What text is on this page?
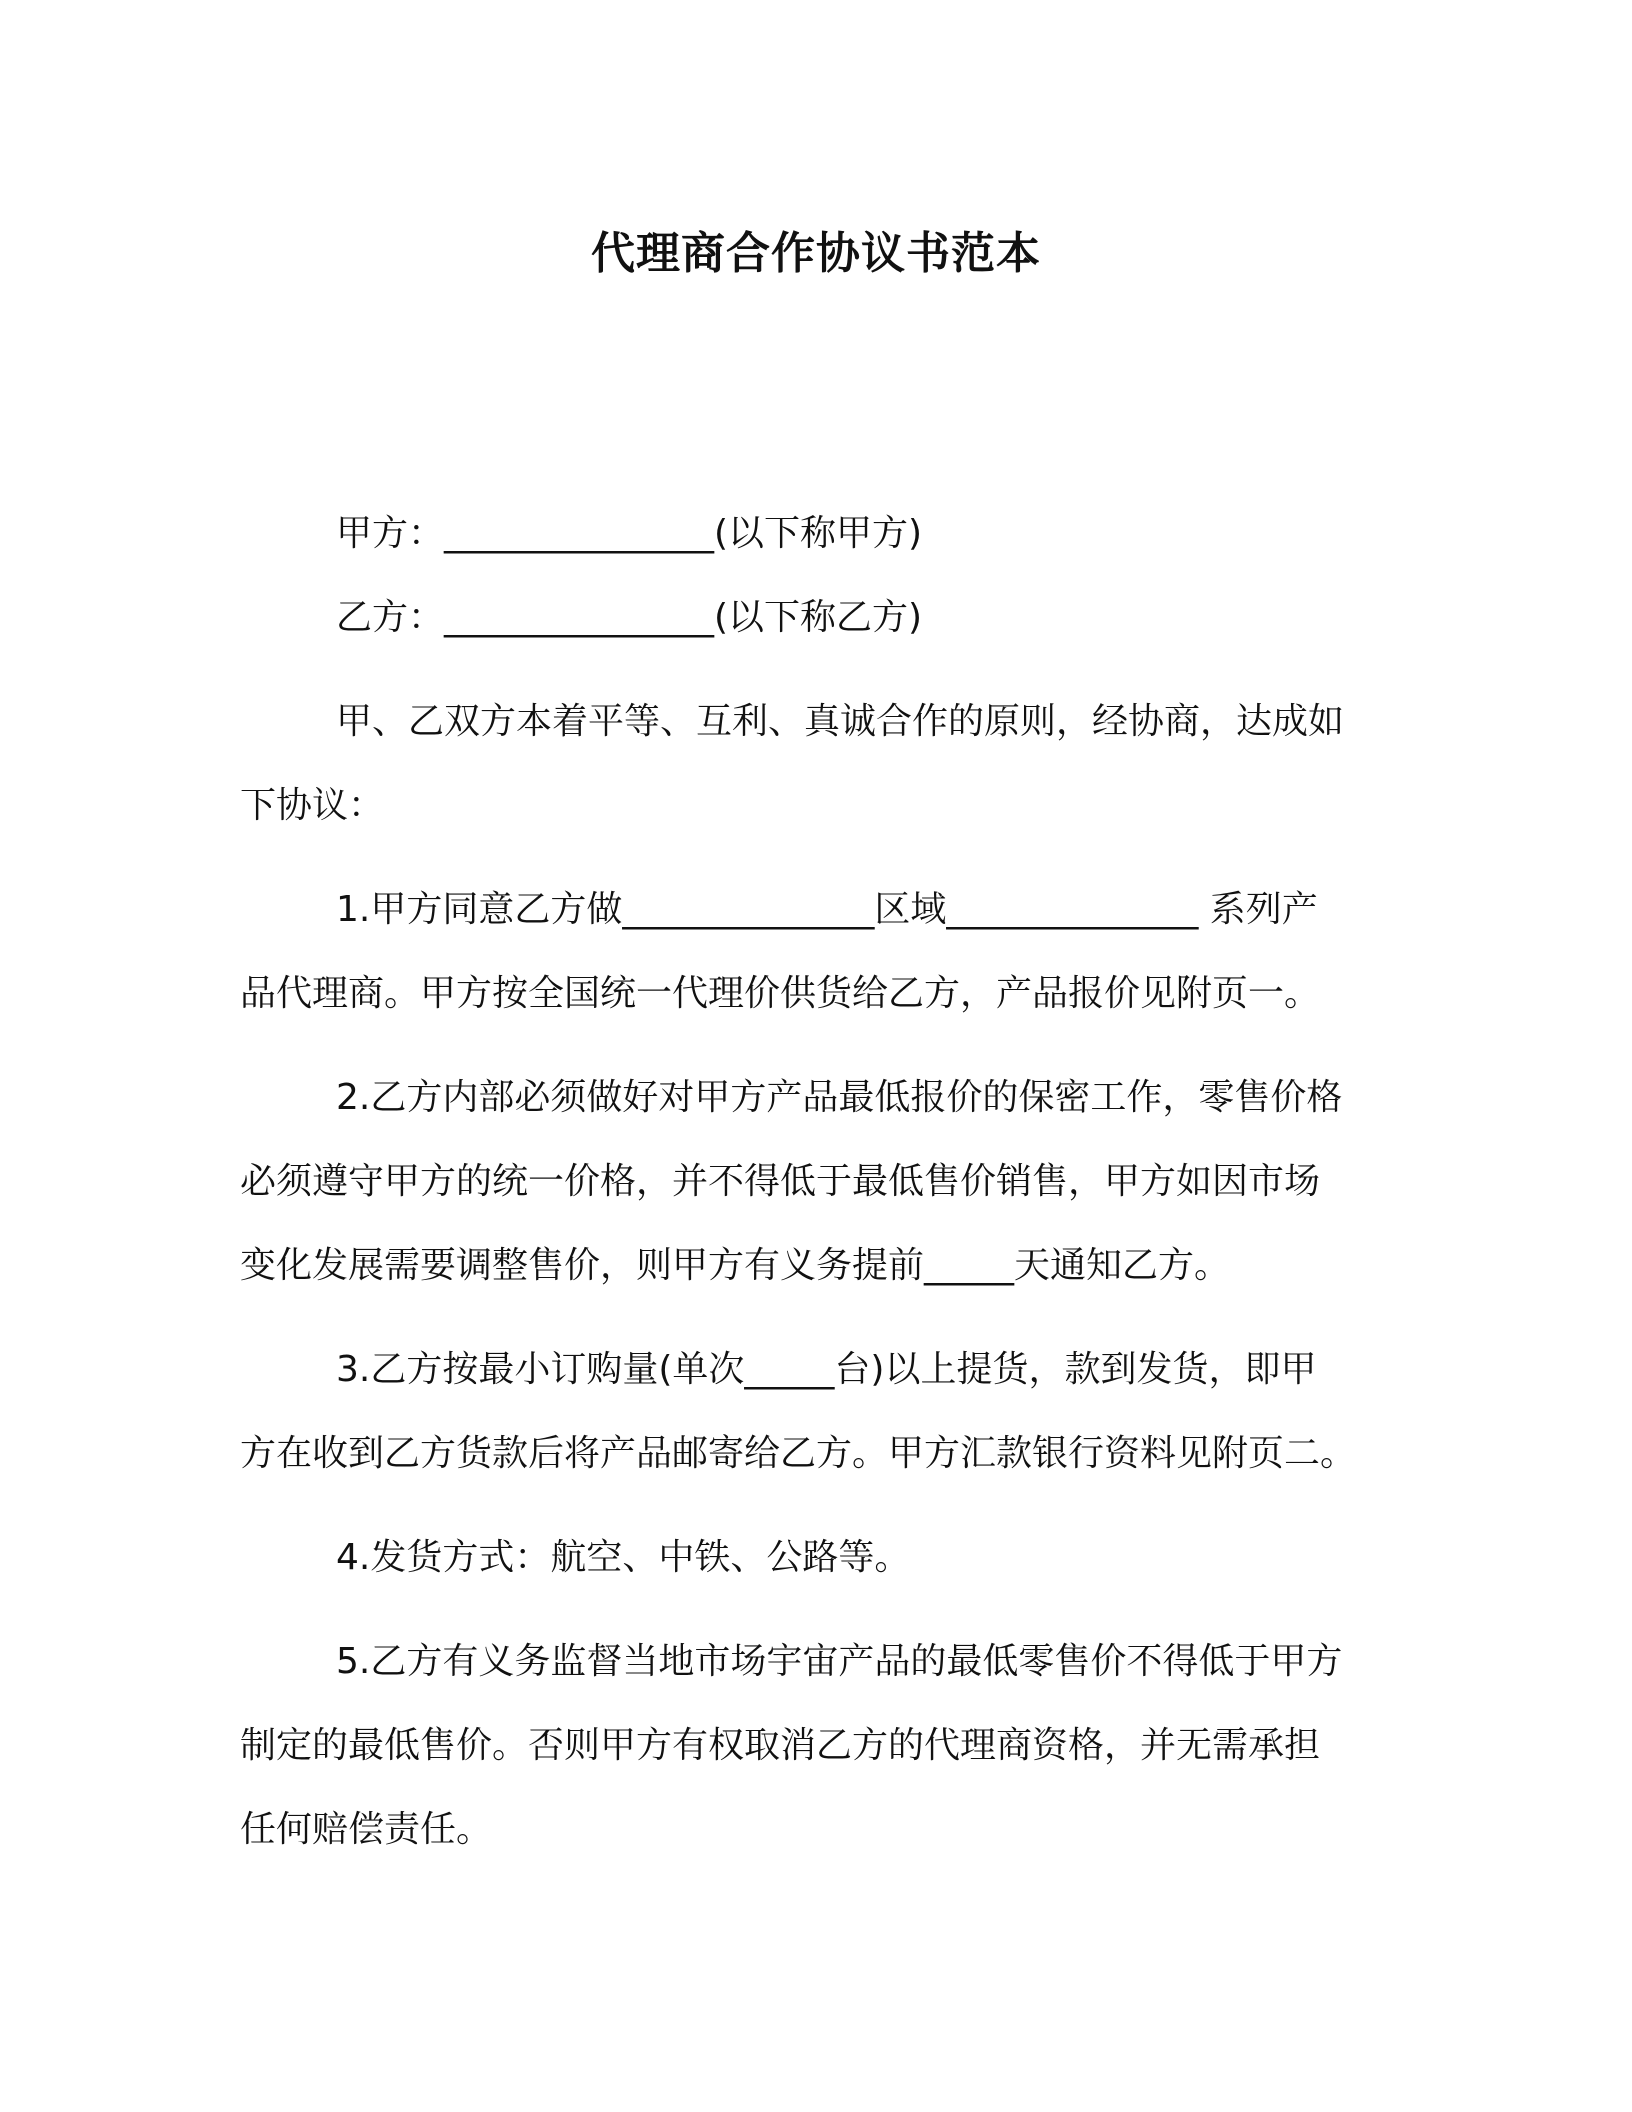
代理商合作协议书范本
甲方：_______________(以下称甲方)
乙方：_______________(以下称乙方)
甲、乙双方本着平等、互利、真诚合作的原则，经协商，达成如
下协议：
1.甲方同意乙方做______________区域______________ 系列产
品代理商。甲方按全国统一代理价供货给乙方，产品报价见附页一。
2.乙方内部必须做好对甲方产品最低报价的保密工作，零售价格
必须遵守甲方的统一价格，并不得低于最低售价销售，甲方如因市场
变化发展需要调整售价，则甲方有义务提前_____天通知乙方。
3.乙方按最小订购量(单次_____台)以上提货，款到发货，即甲
方在收到乙方货款后将产品邮寄给乙方。甲方汇款银行资料见附页二。
4.发货方式：航空、中铁、公路等。
5.乙方有义务监督当地市场宇宙产品的最低零售价不得低于甲方
制定的最低售价。否则甲方有权取消乙方的代理商资格，并无需承担
任何赔偿责任。
